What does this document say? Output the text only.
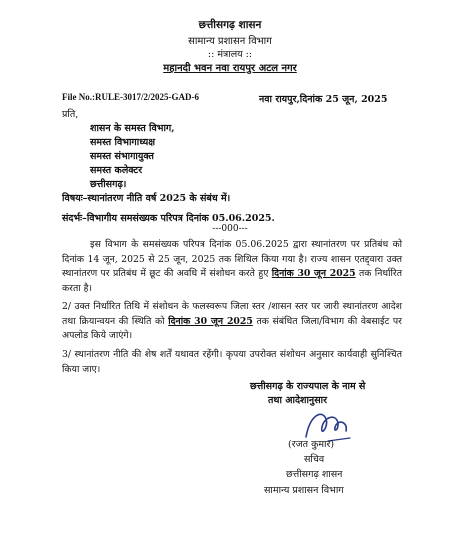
छत्तीसगढ़ शासन
सामान्य प्रशासन विभाग
:: मंत्रालय ::
महानदी भवन नवा रायपुर अटल नगर
File No.:RULE-3017/2/2025-GAD-6	नवा रायपुर,दिनांक 25 जून, 2025
प्रति,
शासन के समस्त विभाग,
समस्त विभागाध्यक्ष
समस्त संभागायुक्त
समस्त कलेक्टर
छत्तीसगढ़।
विषयः–स्थानांतरण नीति वर्ष 2025 के संबंध में।
संदर्भः–विभागीय समसंख्यक परिपत्र दिनांक 05.06.2025.
---000---
इस विभाग के समसंख्यक परिपत्र दिनांक 05.06.2025 द्वारा स्थानांतरण पर प्रतिबंध को दिनांक 14 जून, 2025 से 25 जून, 2025 तक शिथिल किया गया है। राज्य शासन एतद्द्वारा उक्त स्थानांतरण पर प्रतिबंध में छूट की अवधि में संशोधन करते हुए दिनांक 30 जून 2025 तक निर्धारित करता है।
2/ उक्त निर्धारित तिथि में संशोधन के फलस्वरूप जिला स्तर /शासन स्तर पर जारी स्थानांतरण आदेश तथा क्रियान्वयन की स्थिति को दिनांक 30 जून 2025 तक संबंधित जिला/विभाग की वेबसाईट पर अपलोड किये जाएंगे।
3/ स्थानांतरण नीति की शेष शर्तें यथावत रहेंगी। कृपया उपरोक्त संशोधन अनुसार कार्यवाही सुनिश्चित किया जाए।
छत्तीसगढ़ के राज्यपाल के नाम से
तथा आदेशानुसार
(रजत कुमार)
सचिव
छत्तीसगढ़ शासन
सामान्य प्रशासन विभाग
